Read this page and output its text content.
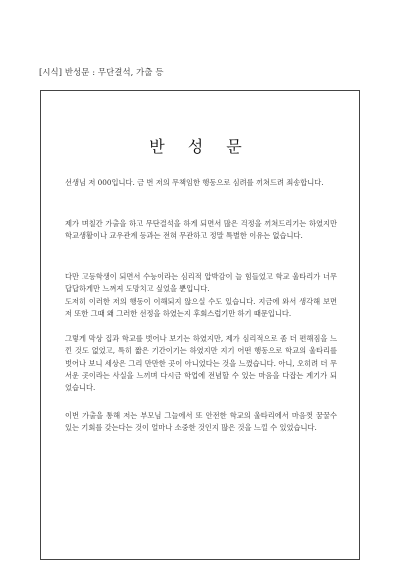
[시식] 반성문 : 무단결석, 가출 등
반 성 문

선생님 저 000입니다. 금 번 저의 무책임한 행동으로 심려를 끼쳐드려 죄송합니다.

제가 며칠간 가출을 하고 무단결석을 하게 되면서 많은 걱정을 끼쳐드리기는 하였지만 학교생활이나 교우관계 등과는 전혀 무관하고 정말 특별한 이유는 없습니다.

다만 고등학생이 되면서 수능이라는 심리적 압박감이 늘 힘들었고 학교 울타리가 너무 답답하게만 느껴져 도망치고 싶었을 뿐입니다.

도저히 이러한 저의 행동이 이해되지 않으실 수도 있습니다. 지금에 와서 생각해 보면 저 또한 그때 왜 그러한 선정을 하였는지 후회스럽기만 하기 때문입니다.

그렇게 막상 집과 학교를 벗어나 보기는 하였지만, 제가 심리적으로 좀 더 편해짐을 느낀 것도 없었고, 특히 짧은 기간이기는 하였지만 지기 어떤 행동으로 학교의 울타리를 벗어나 보니 세상은 그리 만만한 곳이 아니었다는 것을 느꼈습니다. 아니, 오히려 더 무서운 곳이라는 사실을 느끼며 다시금 학업에 전념할 수 있는 마음을 다잡는 계기가 되었습니다.

이번 가출을 통해 저는 부모님 그늘에서 또 안전한 학교의 울타리에서 마음껏 꿈꿀수 있는 기회를 갖는다는 것이 얼마나 소중한 것인지 많은 것을 느낄 수 있었습니다.
